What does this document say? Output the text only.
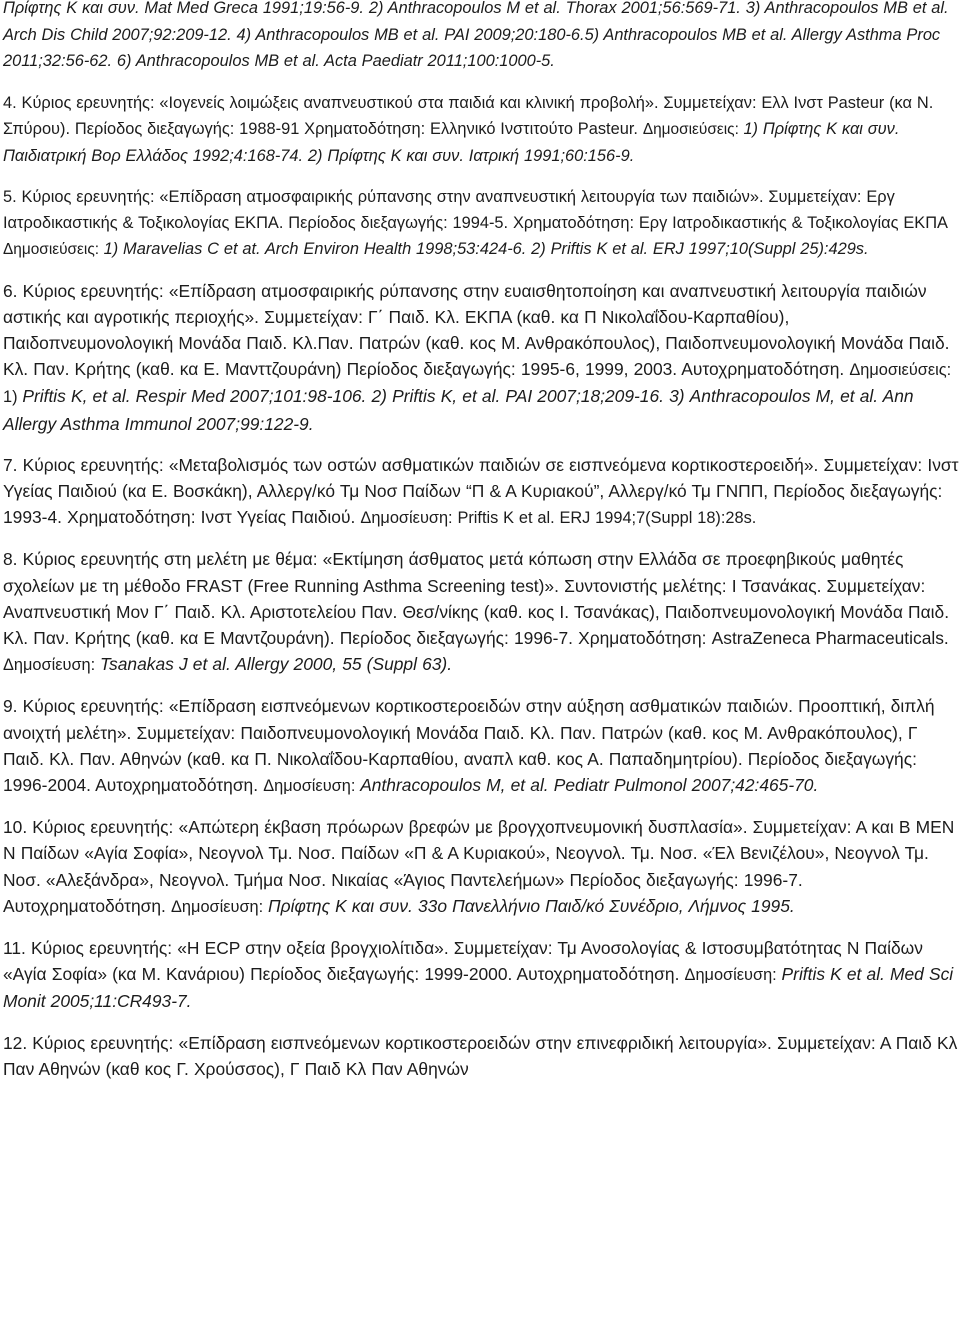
Πρίφτης Κ και συν. Mat Med Greca 1991;19:56-9. 2) Anthracopoulos M et al. Thorax 2001;56:569-71. 3) Anthracopoulos MB et al. Arch Dis Child 2007;92:209-12. 4) Anthracopoulos MB et al. PAI 2009;20:180-6.5) Anthracopoulos MB et al. Allergy Asthma Proc 2011;32:56-62. 6) Anthracopoulos MB et al. Acta Paediatr 2011;100:1000-5.

4. Κύριος ερευνητής: «Ιογενείς λοιμώξεις αναπνευστικού στα παιδιά και κλινική προβολή». Συμμετείχαν: Ελλ Ινστ Pasteur (κα Ν. Σπύρου). Περίοδος διεξαγωγής: 1988-91 Χρηματοδότηση: Ελληνικό Ινστιτούτο Pasteur. Δημοσιεύσεις: 1) Πρίφτης Κ και συν. Παιδιατρική Βορ Ελλάδος 1992;4:168-74. 2) Πρίφτης Κ και συν. Ιατρική 1991;60:156-9.

5. Κύριος ερευνητής: «Επίδραση ατμοσφαιρικής ρύπανσης στην αναπνευστική λειτουργία των παιδιών». Συμμετείχαν: Εργ Ιατροδικαστικής & Τοξικολογίας ΕΚΠΑ. Περίοδος διεξαγωγής: 1994-5. Χρηματοδότηση: Εργ Ιατροδικαστικής & Τοξικολογίας ΕΚΠΑ Δημοσιεύσεις: 1) Maravelias C et at. Arch Environ Health 1998;53:424-6. 2) Priftis K et al. ERJ 1997;10(Suppl 25):429s.

6. Κύριος ερευνητής: «Επίδραση ατμοσφαιρικής ρύπανσης στην ευαισθητοποίηση και αναπνευστική λειτουργία παιδιών αστικής και αγροτικής περιοχής». Συμμετείχαν: Γ΄ Παιδ. Κλ. ΕΚΠΑ (καθ. κα Π Νικολαΐδου-Καρπαθίου), Παιδοπνευμονολογική Μονάδα Παιδ. Κλ.Παν. Πατρών (καθ. κος Μ. Ανθρακόπουλος), Παιδοπνευμονολογική Μονάδα Παιδ. Κλ. Παν. Κρήτης (καθ. κα Ε. Μανττζουράνη) Περίοδος διεξαγωγής: 1995-6, 1999, 2003. Αυτοχρηματοδότηση. Δημοσιεύσεις: 1) Priftis K, et al. Respir Med 2007;101:98-106. 2) Priftis K, et al. PAI 2007;18;209-16. 3) Anthracopoulos M, et al. Ann Allergy Asthma Immunol 2007;99:122-9.

7. Κύριος ερευνητής: «Μεταβολισμός των οστών ασθματικών παιδιών σε εισπνεόμενα κορτικοστεροειδή». Συμμετείχαν: Ινστ Υγείας Παιδιού (κα Ε. Βοσκάκη), Αλλεργ/κό Τμ Νοσ Παίδων “Π & Α Κυριακού”, Αλλεργ/κό Τμ ΓΝΠΠ, Περίοδος διεξαγωγής: 1993-4. Χρηματοδότηση: Ινστ Υγείας Παιδιού. Δημοσίευση: Priftis K et al. ERJ 1994;7(Suppl 18):28s.

8. Κύριος ερευνητής στη μελέτη με θέμα: «Εκτίμηση άσθματος μετά κόπωση στην Ελλάδα σε προεφηβικούς μαθητές σχολείων με τη μέθοδο FRAST (Free Running Asthma Screening test)». Συντονιστής μελέτης: Ι Τσανάκας. Συμμετείχαν: Αναπνευστική Μον Γ΄ Παιδ. Κλ. Αριστοτελείου Παν. Θεσ/νίκης (καθ. κος Ι. Τσανάκας), Παιδοπνευμονολογική Μονάδα Παιδ. Κλ. Παν. Κρήτης (καθ. κα Ε Μαντζουράνη). Περίοδος διεξαγωγής: 1996-7. Χρηματοδότηση: AstraZeneca Pharmaceuticals. Δημοσίευση: Tsanakas J et al. Allergy 2000, 55 (Suppl 63).

9. Κύριος ερευνητής: «Επίδραση εισπνεόμενων κορτικοστεροειδών στην αύξηση ασθματικών παιδιών. Προοπτική, διπλή ανοιχτή μελέτη». Συμμετείχαν: Παιδοπνευμονολογική Μονάδα Παιδ. Κλ. Παν. Πατρών (καθ. κος Μ. Ανθρακόπουλος), Γ Παιδ. Κλ. Παν. Αθηνών (καθ. κα Π. Νικολαΐδου-Καρπαθίου, αναπλ καθ. κος Α. Παπαδημητρίου). Περίοδος διεξαγωγής: 1996-2004. Αυτοχρηματοδότηση. Δημοσίευση: Anthracopoulos M, et al. Pediatr Pulmonol 2007;42:465-70.

10. Κύριος ερευνητής: «Απώτερη έκβαση πρόωρων βρεφών με βρογχοπνευμονική δυσπλασία». Συμμετείχαν: Α και Β ΜΕΝ Ν Παίδων «Αγία Σοφία», Νεογνολ Τμ. Νοσ. Παίδων «Π & Α Κυριακού», Νεογνολ. Τμ. Νοσ. «Έλ Βενιζέλου», Νεογνολ Τμ. Νοσ. «Αλεξάνδρα», Νεογνολ. Τμήμα Νοσ. Νικαίας «Άγιος Παντελεήμων» Περίοδος διεξαγωγής: 1996-7. Αυτοχρηματοδότηση. Δημοσίευση: Πρίφτης Κ και συν. 33ο Πανελλήνιο Παιδ/κό Συνέδριο, Λήμνος 1995.

11. Κύριος ερευνητής: «Η ECP στην οξεία βρογχιολίτιδα». Συμμετείχαν: Τμ Ανοσολογίας & Ιστοσυμβατότητας Ν Παίδων «Αγία Σοφία» (κα Μ. Κανάριου) Περίοδος διεξαγωγής: 1999-2000. Αυτοχρηματοδότηση. Δημοσίευση: Priftis K et al. Med Sci Monit 2005;11:CR493-7.

12. Κύριος ερευνητής: «Επίδραση εισπνεόμενων κορτικοστεροειδών στην επινεφριδική λειτουργία». Συμμετείχαν: Α Παιδ Κλ Παν Αθηνών (καθ κος Γ. Χρούσσος), Γ Παιδ Κλ Παν Αθηνών
